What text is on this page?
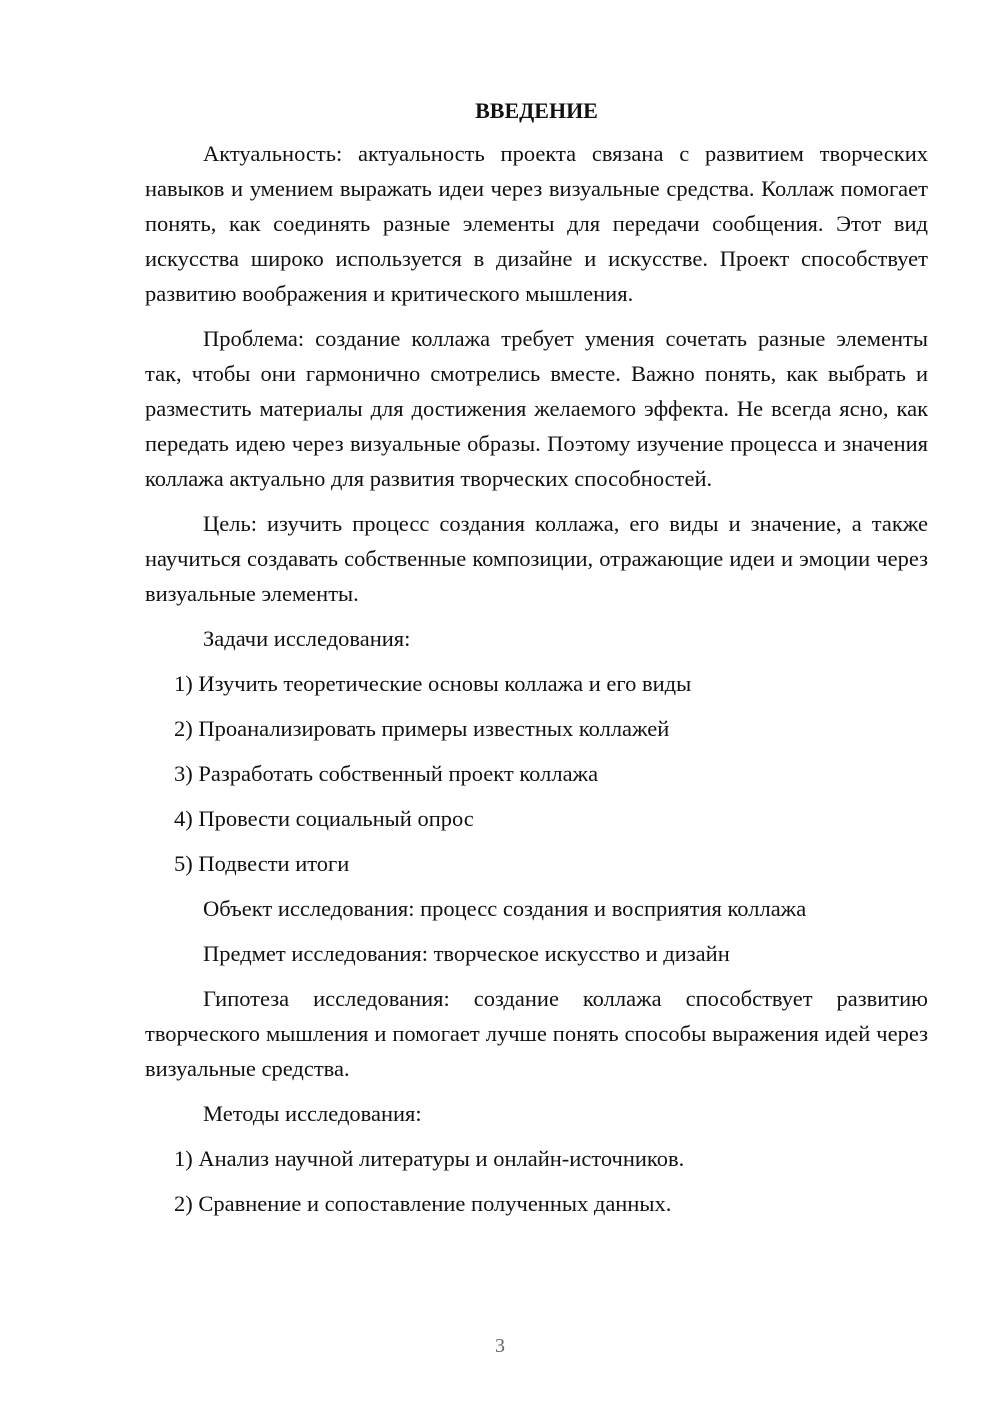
ВВЕДЕНИЕ

Актуальность: актуальность проекта связана с развитием творческих навыков и умением выражать идеи через визуальные средства. Коллаж помогает понять, как соединять разные элементы для передачи сообщения. Этот вид искусства широко используется в дизайне и искусстве. Проект способствует развитию воображения и критического мышления.

Проблема: создание коллажа требует умения сочетать разные элементы так, чтобы они гармонично смотрелись вместе. Важно понять, как выбрать и разместить материалы для достижения желаемого эффекта. Не всегда ясно, как передать идею через визуальные образы. Поэтому изучение процесса и значения коллажа актуально для развития творческих способностей.

Цель: изучить процесс создания коллажа, его виды и значение, а также научиться создавать собственные композиции, отражающие идеи и эмоции через визуальные элементы.

Задачи исследования:
1) Изучить теоретические основы коллажа и его виды
2) Проанализировать примеры известных коллажей
3) Разработать собственный проект коллажа
4) Провести социальный опрос
5) Подвести итоги
Объект исследования: процесс создания и восприятия коллажа
Предмет исследования: творческое искусство и дизайн

Гипотеза исследования: создание коллажа способствует развитию творческого мышления и помогает лучше понять способы выражения идей через визуальные средства.

Методы исследования:
1) Анализ научной литературы и онлайн-источников.
2) Сравнение и сопоставление полученных данных.
3
